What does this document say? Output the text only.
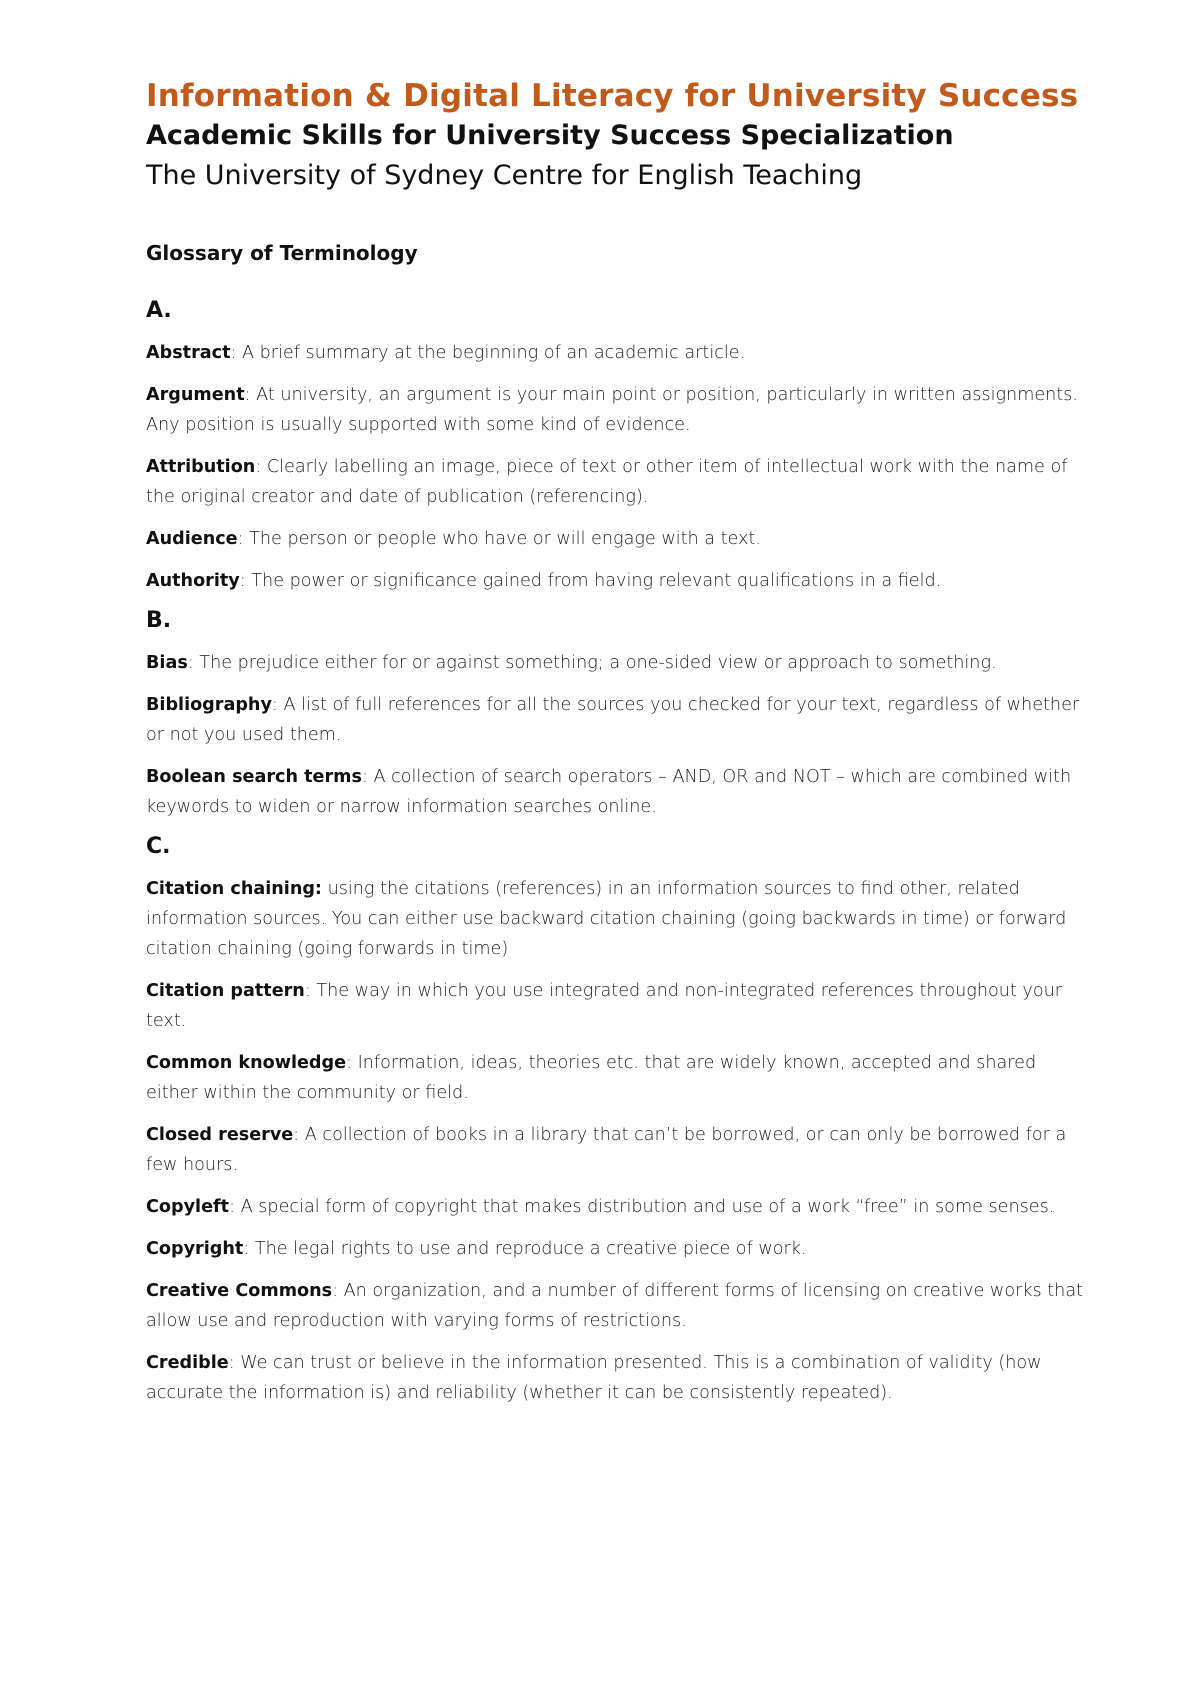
Information & Digital Literacy for University Success
Academic Skills for University Success Specialization
The University of Sydney Centre for English Teaching
Glossary of Terminology
A.

Abstract: A brief summary at the beginning of an academic article.

Argument: At university, an argument is your main point or position, particularly in written assignments. Any position is usually supported with some kind of evidence.

Attribution: Clearly labelling an image, piece of text or other item of intellectual work with the name of the original creator and date of publication (referencing).

Audience: The person or people who have or will engage with a text.

Authority: The power or significance gained from having relevant qualifications in a field.

B.

Bias: The prejudice either for or against something; a one-sided view or approach to something.

Bibliography: A list of full references for all the sources you checked for your text, regardless of whether or not you used them.

Boolean search terms: A collection of search operators – AND, OR and NOT – which are combined with keywords to widen or narrow information searches online.

C.

Citation chaining: using the citations (references) in an information sources to find other, related information sources. You can either use backward citation chaining (going backwards in time) or forward citation chaining (going forwards in time)

Citation pattern: The way in which you use integrated and non-integrated references throughout your text.

Common knowledge: Information, ideas, theories etc. that are widely known, accepted and shared either within the community or field.

Closed reserve: A collection of books in a library that can’t be borrowed, or can only be borrowed for a few hours.

Copyleft: A special form of copyright that makes distribution and use of a work “free” in some senses.

Copyright: The legal rights to use and reproduce a creative piece of work.

Creative Commons: An organization, and a number of different forms of licensing on creative works that allow use and reproduction with varying forms of restrictions.

Credible: We can trust or believe in the information presented. This is a combination of validity (how accurate the information is) and reliability (whether it can be consistently repeated).
